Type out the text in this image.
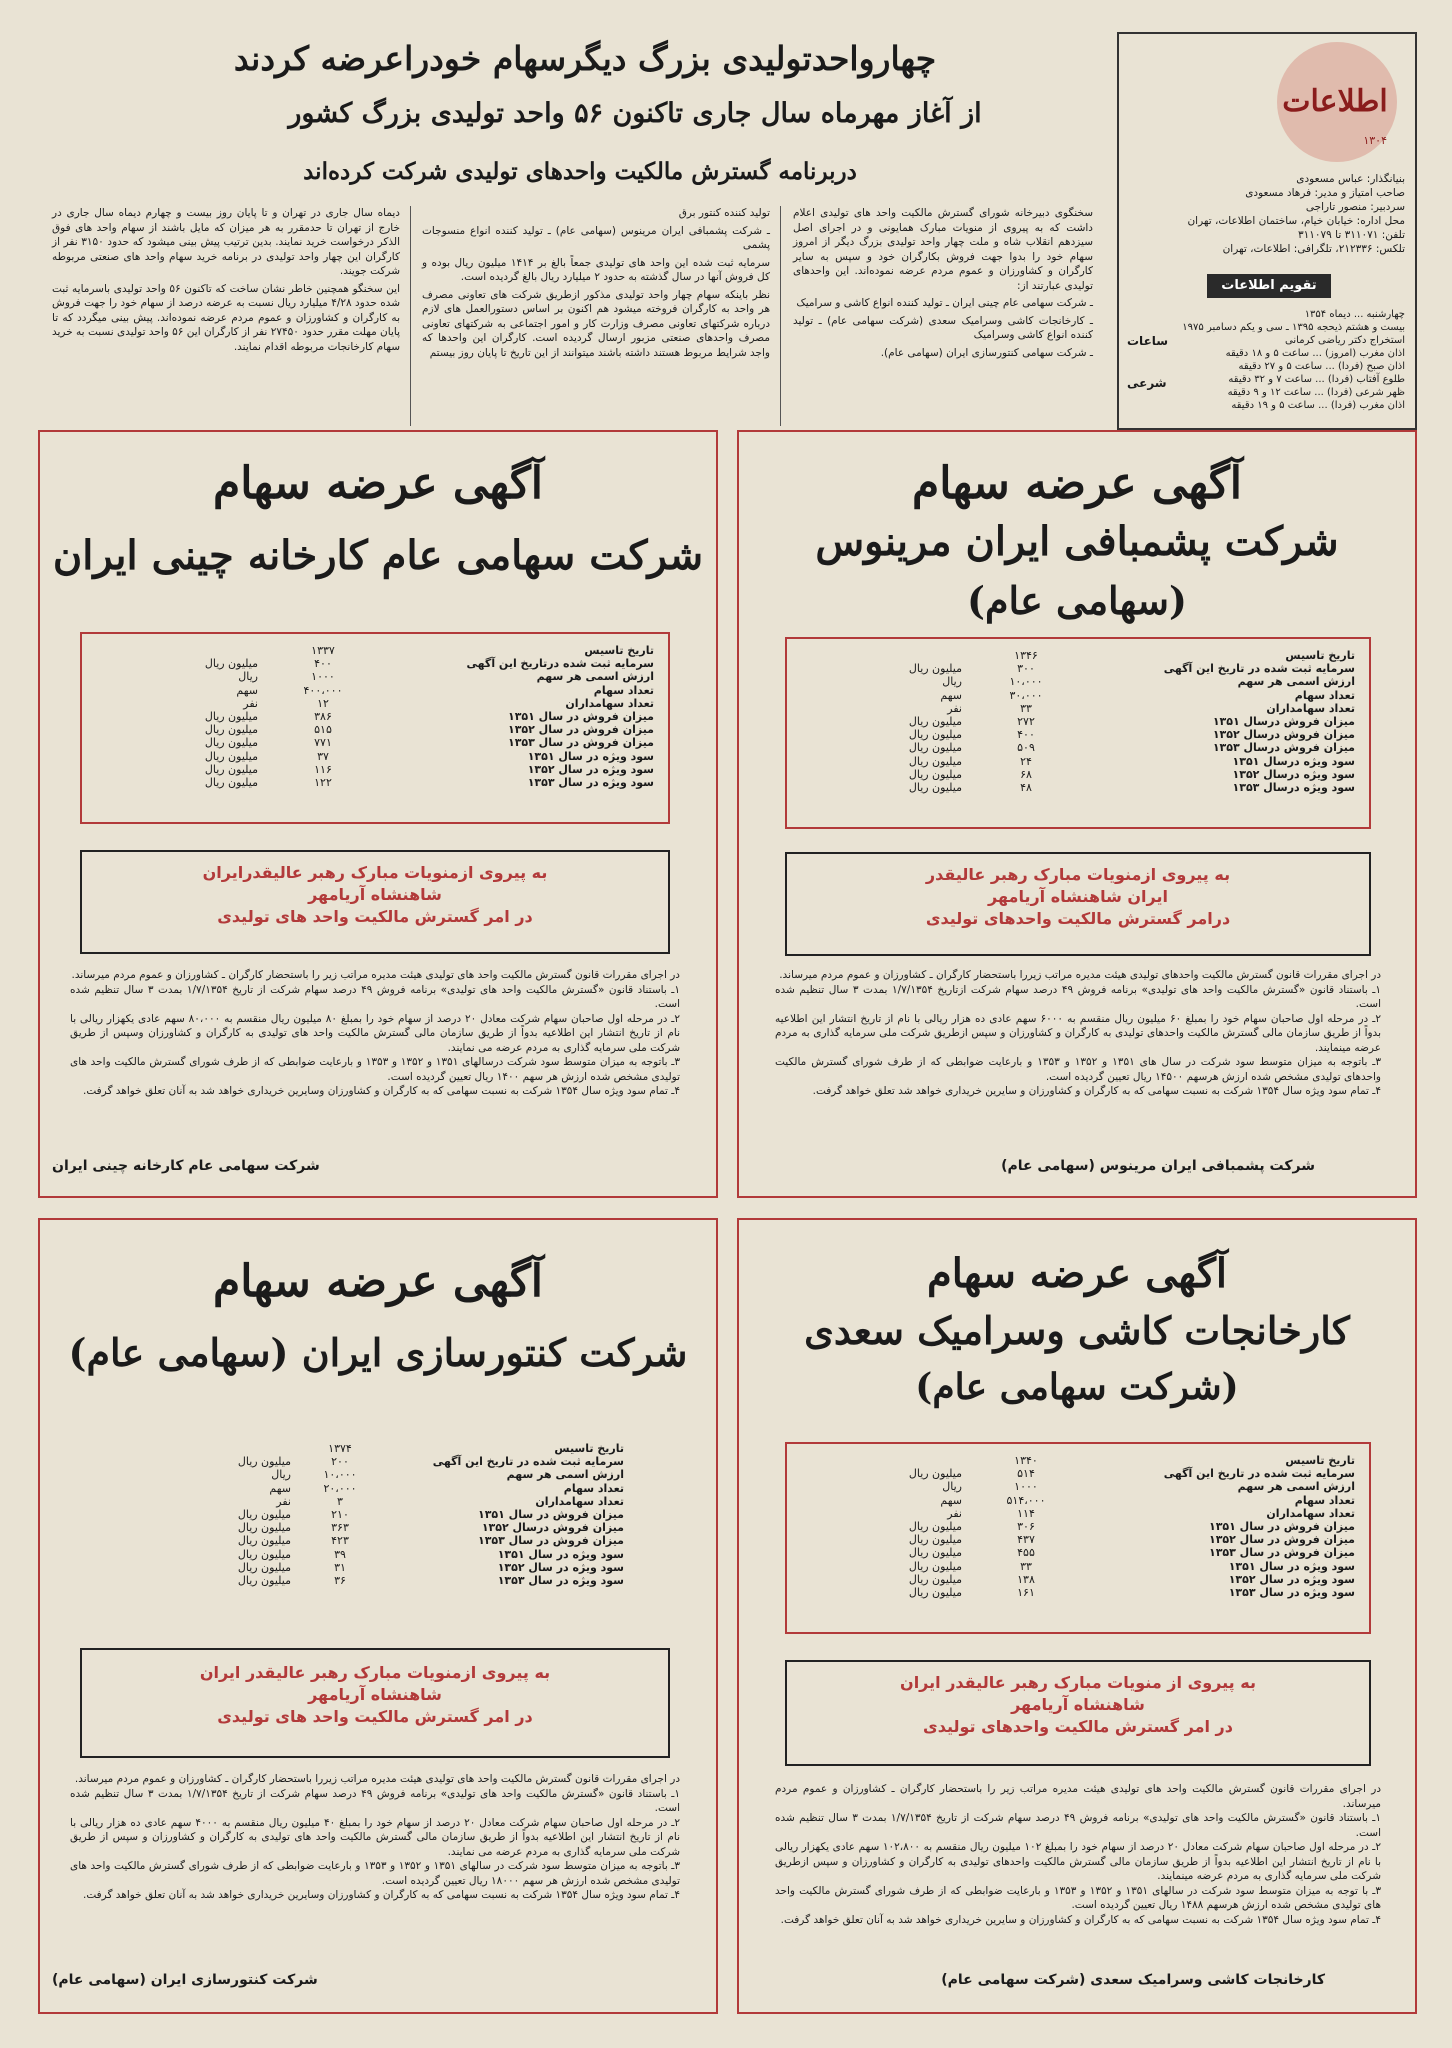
اطلاعات
۱۳۰۴
بنیانگذار: عباس مسعودی
صاحب امتیاز و مدیر: فرهاد مسعودی
سردبیر: منصور تاراجی
محل اداره: خیابان خیام، ساختمان اطلاعات، تهران
تلفن: ۳۱۱۰۷۱ تا ۳۱۱۰۷۹
تلکس: ۲۱۲۳۳۶، تلگرافی: اطلاعات، تهران
تقویم اطلاعات
چهارشنبه ... دیماه ۱۳۵۴
بیست و هشتم ذیحجه ۱۳۹۵ ـ سی و یکم دسامبر ۱۹۷۵
استخراج دکتر ریاضی کرمانی
اذان مغرب (امروز) ... ساعت ۵ و ۱۸ دقیقه
اذان صبح (فردا) ... ساعت ۵ و ۲۷ دقیقه
طلوع آفتاب (فردا) ... ساعت ۷ و ۳۲ دقیقه
ظهر شرعی (فردا) ... ساعت ۱۲ و ۹ دقیقه
اذان مغرب (فردا) ... ساعت ۵ و ۱۹ دقیقه
ساعات
شرعی
چهارواحدتولیدی بزرگ دیگرسهام خودراعرضه کردند
از آغاز مهرماه سال جاری تاکنون ۵۶ واحد تولیدی بزرگ کشور
دربرنامه گسترش مالکیت واحدهای تولیدی شرکت کرده‌اند

سخنگوی دبیرخانه شورای گسترش مالکیت واحد های تولیدی اعلام داشت که به پیروی از منویات مبارک همایونی و در اجرای اصل سیزدهم انقلاب شاه و ملت چهار واحد تولیدی بزرگ دیگر از امروز سهام خود را بدوا جهت فروش بکارگران خود و سپس به سایر کارگران و کشاورزان و عموم مردم عرضه نموده‌اند. این واحدهای تولیدی عبارتند از:

ـ شرکت سهامی عام چینی ایران ـ تولید کننده انواع کاشی و سرامیک

ـ کارخانجات کاشی وسرامیک سعدی (شرکت سهامی عام) ـ تولید کننده انواع کاشی وسرامیک

ـ شرکت سهامی کنتورسازی ایران (سهامی عام).

تولید کننده کنتور برق

ـ شرکت پشمبافی ایران مرینوس (سهامی عام) ـ تولید کننده انواع منسوجات پشمی

سرمایه ثبت شده این واحد های تولیدی جمعاً بالغ بر ۱۴۱۴ میلیون ریال بوده و کل فروش آنها در سال گذشته به حدود ۲ میلیارد ریال بالغ گردیده است.

نظر باینکه سهام چهار واحد تولیدی مذکور ازطریق شرکت های تعاونی مصرف هر واحد به کارگران فروخته میشود هم اکنون بر اساس دستورالعمل های لازم درباره شرکتهای تعاونی مصرف وزارت کار و امور اجتماعی به شرکتهای تعاونی مصرف واحدهای صنعتی مزبور ارسال گردیده است. کارگران این واحدها که واجد شرایط مربوط هستند داشته باشند میتوانند از این تاریخ تا پایان روز بیستم

دیماه سال جاری در تهران و تا پایان روز بیست و چهارم دیماه سال جاری در خارج از تهران تا حدمقرر به هر میزان که مایل باشند از سهام واحد های فوق الذکر درخواست خرید نمایند. بدین ترتیب پیش بینی میشود که حدود ۳۱۵۰ نفر از کارگران این چهار واحد تولیدی در برنامه خرید سهام واحد های صنعتی مربوطه شرکت جویند.

این سخنگو همچنین خاطر نشان ساخت که تاکنون ۵۶ واحد تولیدی باسرمایه ثبت شده حدود ۴/۲۸ میلیارد ریال نسبت به عرضه درصد از سهام خود را جهت فروش به کارگران و کشاورزان و عموم مردم عرضه نموده‌اند. پیش بینی میگردد که تا پایان مهلت مقرر حدود ۲۷۴۵۰ نفر از کارگران این ۵۶ واحد تولیدی نسبت به خرید سهام کارخانجات مربوطه اقدام نمایند.

آگهی عرضه سهام
شرکت پشمبافی ایران مرینوس
(سهامی عام)
تاریخ تاسیس
۱۳۴۶
سرمایه ثبت شده در تاریخ این آگهی
۳۰۰
میلیون ریال
ارزش اسمی هر سهم
۱۰،۰۰۰
ریال
تعداد سهام
۳۰،۰۰۰
سهم
تعداد سهامداران
۳۳
نفر
میزان فروش درسال ۱۳۵۱
۲۷۲
میلیون ریال
میزان فروش درسال ۱۳۵۲
۴۰۰
میلیون ریال
میزان فروش درسال ۱۳۵۳
۵۰۹
میلیون ریال
سود ویژه درسال ۱۳۵۱
۲۴
میلیون ریال
سود ویژه درسال ۱۳۵۲
۶۸
میلیون ریال
سود ویژه درسال ۱۳۵۳
۴۸
میلیون ریال
به پیروی ازمنویات مبارک رهبر عالیقدر
ایران شاهنشاه آریامهر
درامر گسترش مالکیت واحدهای تولیدی

در اجرای مقررات قانون گسترش مالکیت واحدهای تولیدی هیئت مدیره مراتب زیررا باستحضار کارگران ـ کشاورزان و عموم مردم میرساند.

۱ـ باستناد قانون «گسترش مالکیت واحد های تولیدی» برنامه فروش ۴۹ درصد سهام شرکت ازتاریخ ۱/۷/۱۳۵۴ بمدت ۳ سال تنظیم شده است.

۲ـ در مرحله اول صاحبان سهام خود را بمبلغ ۶۰ میلیون ریال منقسم به ۶۰۰۰ سهم عادی ده هزار ریالی با نام از تاریخ انتشار این اطلاعیه بدواً از طریق سازمان مالی گسترش مالکیت واحدهای تولیدی به کارگران و کشاورزان و سپس ازطریق شرکت ملی سرمایه گذاری به مردم عرضه مینمایند.

۳ـ باتوجه به میزان متوسط سود شرکت در سال های ۱۳۵۱ و ۱۳۵۲ و ۱۳۵۳ و بارعایت ضوابطی که از طرف شورای گسترش مالکیت واحدهای تولیدی مشخص شده ارزش هرسهم ۱۴۵۰۰ ریال تعیین گردیده است.

۴ـ تمام سود ویژه سال ۱۳۵۴ شرکت به نسبت سهامی که به کارگران و کشاورزان و سایرین خریداری خواهد شد تعلق خواهد گرفت.

شرکت پشمبافی ایران مرینوس (سهامی عام)
آگهی عرضه سهام
شرکت سهامی عام کارخانه چینی ایران
تاریخ تاسیس
۱۳۳۷
سرمایه ثبت شده درتاریخ این آگهی
۴۰۰
میلیون ریال
ارزش اسمی هر سهم
۱۰۰۰
ریال
تعداد سهام
۴۰۰،۰۰۰
سهم
تعداد سهامداران
۱۲
نفر
میزان فروش در سال ۱۳۵۱
۳۸۶
میلیون ریال
میزان فروش در سال ۱۳۵۲
۵۱۵
میلیون ریال
میزان فروش در سال ۱۳۵۳
۷۷۱
میلیون ریال
سود ویژه در سال ۱۳۵۱
۳۷
میلیون ریال
سود ویژه در سال ۱۳۵۲
۱۱۶
میلیون ریال
سود ویژه در سال ۱۳۵۳
۱۲۲
میلیون ریال
به پیروی ازمنویات مبارک رهبر عالیقدرایران
شاهنشاه آریامهر
در امر گسترش مالکیت واحد های تولیدی

در اجرای مقررات قانون گسترش مالکیت واحد های تولیدی هیئت مدیره مراتب زیر را باستحضار کارگران ـ کشاورزان و عموم مردم میرساند.

۱ـ باستناد قانون «گسترش مالکیت واحد های تولیدی» برنامه فروش ۴۹ درصد سهام شرکت از تاریخ ۱/۷/۱۳۵۴ بمدت ۳ سال تنظیم شده است.

۲ـ در مرحله اول صاحبان سهام شرکت معادل ۲۰ درصد از سهام خود را بمبلغ ۸۰ میلیون ریال منقسم به ۸۰،۰۰۰ سهم عادی یکهزار ریالی با نام از تاریخ انتشار این اطلاعیه بدواً از طریق سازمان مالی گسترش مالکیت واحد های تولیدی به کارگران و کشاورزان وسپس از طریق شرکت ملی سرمایه گذاری به مردم عرضه می نمایند.

۳ـ باتوجه به میزان متوسط سود شرکت درسالهای ۱۳۵۱ و ۱۳۵۲ و ۱۳۵۳ و بارعایت ضوابطی که از طرف شورای گسترش مالکیت واحد های تولیدی مشخص شده ارزش هر سهم ۱۴۰۰ ریال تعیین گردیده است.

۴ـ تمام سود ویژه سال ۱۳۵۴ شرکت به نسبت سهامی که به کارگران و کشاورزان وسایرین خریداری خواهد شد به آنان تعلق خواهد گرفت.

شرکت سهامی عام کارخانه چینی ایران
آگهی عرضه سهام
کارخانجات کاشی وسرامیک سعدی
(شرکت سهامی عام)
تاریخ تاسیس
۱۳۴۰
سرمایه ثبت شده در تاریخ این آگهی
۵۱۴
میلیون ریال
ارزش اسمی هر سهم
۱۰۰۰
ریال
تعداد سهام
۵۱۴،۰۰۰
سهم
تعداد سهامداران
۱۱۴
نفر
میزان فروش در سال ۱۳۵۱
۳۰۶
میلیون ریال
میزان فروش در سال ۱۳۵۲
۴۳۷
میلیون ریال
میزان فروش در سال ۱۳۵۳
۴۵۵
میلیون ریال
سود ویژه در سال ۱۳۵۱
۳۳
میلیون ریال
سود ویژه در سال ۱۳۵۲
۱۳۸
میلیون ریال
سود ویژه در سال ۱۳۵۳
۱۶۱
میلیون ریال
به پیروی از منویات مبارک رهبر عالیقدر ایران
شاهنشاه آریامهر
در امر گسترش مالکیت واحدهای تولیدی

در اجرای مقررات قانون گسترش مالکیت واحد های تولیدی هیئت مدیره مراتب زیر را باستحضار کارگران ـ کشاورزان و عموم مردم میرساند.

۱ـ باستناد قانون «گسترش مالکیت واحد های تولیدی» برنامه فروش ۴۹ درصد سهام شرکت از تاریخ ۱/۷/۱۳۵۴ بمدت ۳ سال تنظیم شده است.

۲ـ در مرحله اول صاحبان سهام شرکت معادل ۲۰ درصد از سهام خود را بمبلغ ۱۰۲ میلیون ریال منقسم به ۱۰۲،۸۰۰ سهم عادی یکهزار ریالی با نام از تاریخ انتشار این اطلاعیه بدواً از طریق سازمان مالی گسترش مالکیت واحدهای تولیدی به کارگران و کشاورزان و سپس ازطریق شرکت ملی سرمایه گذاری به مردم عرضه مینمایند.

۳ـ با توجه به میزان متوسط سود شرکت در سالهای ۱۳۵۱ و ۱۳۵۲ و ۱۳۵۳ و بارعایت ضوابطی که از طرف شورای گسترش مالکیت واحد های تولیدی مشخص شده ارزش هرسهم ۱۴۸۸ ریال تعیین گردیده است.

۴ـ تمام سود ویژه سال ۱۳۵۴ شرکت به نسبت سهامی که به کارگران و کشاورزان و سایرین خریداری خواهد شد به آنان تعلق خواهد گرفت.

کارخانجات کاشی وسرامیک سعدی (شرکت سهامی عام)
آگهی عرضه سهام
شرکت کنتورسازی ایران (سهامی عام)
تاریخ تاسیس
۱۳۷۴
سرمایه ثبت شده در تاریخ این آگهی
۲۰۰
میلیون ریال
ارزش اسمی هر سهم
۱۰،۰۰۰
ریال
تعداد سهام
۲۰،۰۰۰
سهم
تعداد سهامداران
۳
نفر
میزان فروش در سال ۱۳۵۱
۲۱۰
میلیون ریال
میزان فروش درسال ۱۳۵۲
۳۶۳
میلیون ریال
میزان فروش در سال ۱۳۵۳
۴۲۳
میلیون ریال
سود ویژه در سال ۱۳۵۱
۳۹
میلیون ریال
سود ویژه در سال ۱۳۵۲
۳۱
میلیون ریال
سود ویژه در سال ۱۳۵۳
۳۶
میلیون ریال
به پیروی ازمنویات مبارک رهبر عالیقدر ایران
شاهنشاه آریامهر
در امر گسترش مالکیت واحد های تولیدی

در اجرای مقررات قانون گسترش مالکیت واحد های تولیدی هیئت مدیره مراتب زیررا باستحضار کارگران ـ کشاورزان و عموم مردم میرساند.

۱ـ باستناد قانون «گسترش مالکیت واحد های تولیدی» برنامه فروش ۴۹ درصد سهام شرکت از تاریخ ۱/۷/۱۳۵۴ بمدت ۳ سال تنظیم شده است.

۲ـ در مرحله اول صاحبان سهام شرکت معادل ۲۰ درصد از سهام خود را بمبلغ ۴۰ میلیون ریال منقسم به ۴۰۰۰ سهم عادی ده هزار ریالی با نام از تاریخ انتشار این اطلاعیه بدواً از طریق سازمان مالی گسترش مالکیت واحد های تولیدی به کارگران و کشاورزان و سپس از طریق شرکت ملی سرمایه گذاری به مردم عرضه می نمایند.

۳ـ باتوجه به میزان متوسط سود شرکت در سالهای ۱۳۵۱ و ۱۳۵۲ و ۱۳۵۳ و بارعایت ضوابطی که از طرف شورای گسترش مالکیت واحد های تولیدی مشخص شده ارزش هر سهم ۱۸۰۰۰ ریال تعیین گردیده است.

۴ـ تمام سود ویژه سال ۱۳۵۴ شرکت به نسبت سهامی که به کارگران و کشاورزان وسایرین خریداری خواهد شد به آنان تعلق خواهد گرفت.

شرکت کنتورسازی ایران (سهامی عام)
